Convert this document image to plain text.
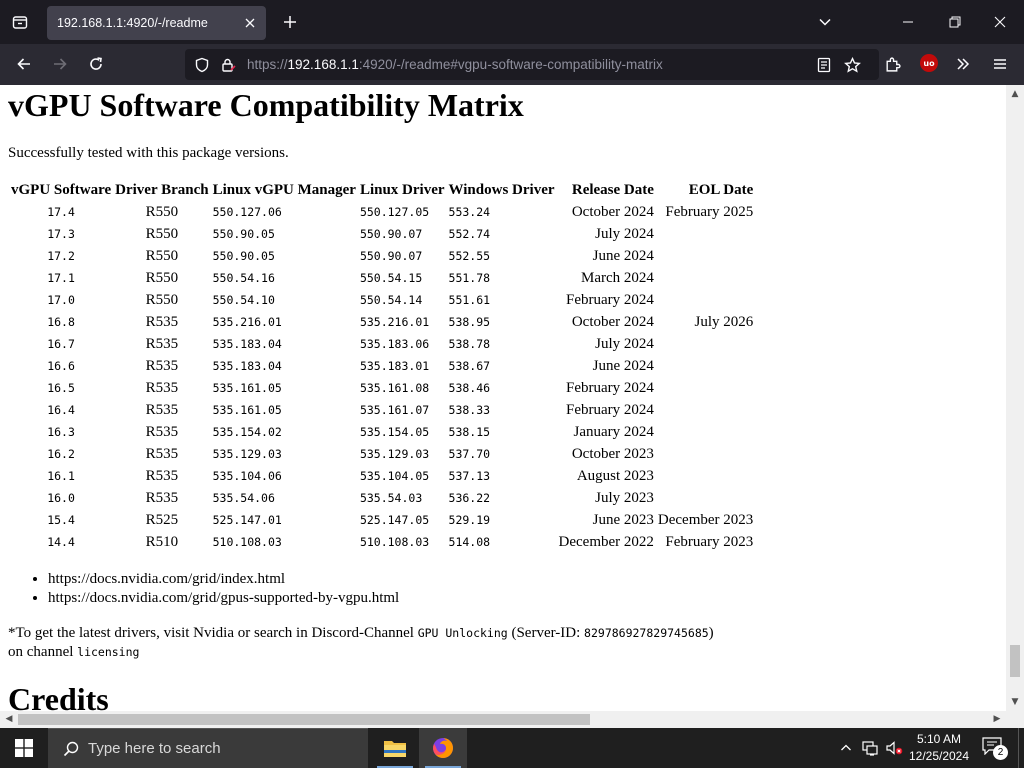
192.168.1.1:4920/-/readme
https://192.168.1.1:4920/-/readme#vgpu-software-compatibility-matrix	uo
vGPU Software Compatibility Matrix

Successfully tested with this package versions.

vGPU Software	Driver Branch	Linux vGPU Manager	Linux Driver	Windows Driver	Release Date	EOL Date
17.4	R550	550.127.06	550.127.05	553.24	October 2024	February 2025
17.3	R550	550.90.05	550.90.07	552.74	July 2024	
17.2	R550	550.90.05	550.90.07	552.55	June 2024	
17.1	R550	550.54.16	550.54.15	551.78	March 2024	
17.0	R550	550.54.10	550.54.14	551.61	February 2024	
16.8	R535	535.216.01	535.216.01	538.95	October 2024	July 2026
16.7	R535	535.183.04	535.183.06	538.78	July 2024	
16.6	R535	535.183.04	535.183.01	538.67	June 2024	
16.5	R535	535.161.05	535.161.08	538.46	February 2024	
16.4	R535	535.161.05	535.161.07	538.33	February 2024	
16.3	R535	535.154.02	535.154.05	538.15	January 2024	
16.2	R535	535.129.03	535.129.03	537.70	October 2023	
16.1	R535	535.104.06	535.104.05	537.13	August 2023	
16.0	R535	535.54.06	535.54.03	536.22	July 2023	
15.4	R525	525.147.01	525.147.05	529.19	June 2023	December 2023
14.4	R510	510.108.03	510.108.03	514.08	December 2022	February 2023
• https://docs.nvidia.com/grid/index.html
• https://docs.nvidia.com/grid/gpus-supported-by-vgpu.html

*To get the latest drivers, visit Nvidia or search in Discord-Channel GPU Unlocking (Server-ID: 829786927829745685)
on channel licensing

Credits
▲
▼
◀	▶
Type here to search
5:10 AM
12/25/2024	2
